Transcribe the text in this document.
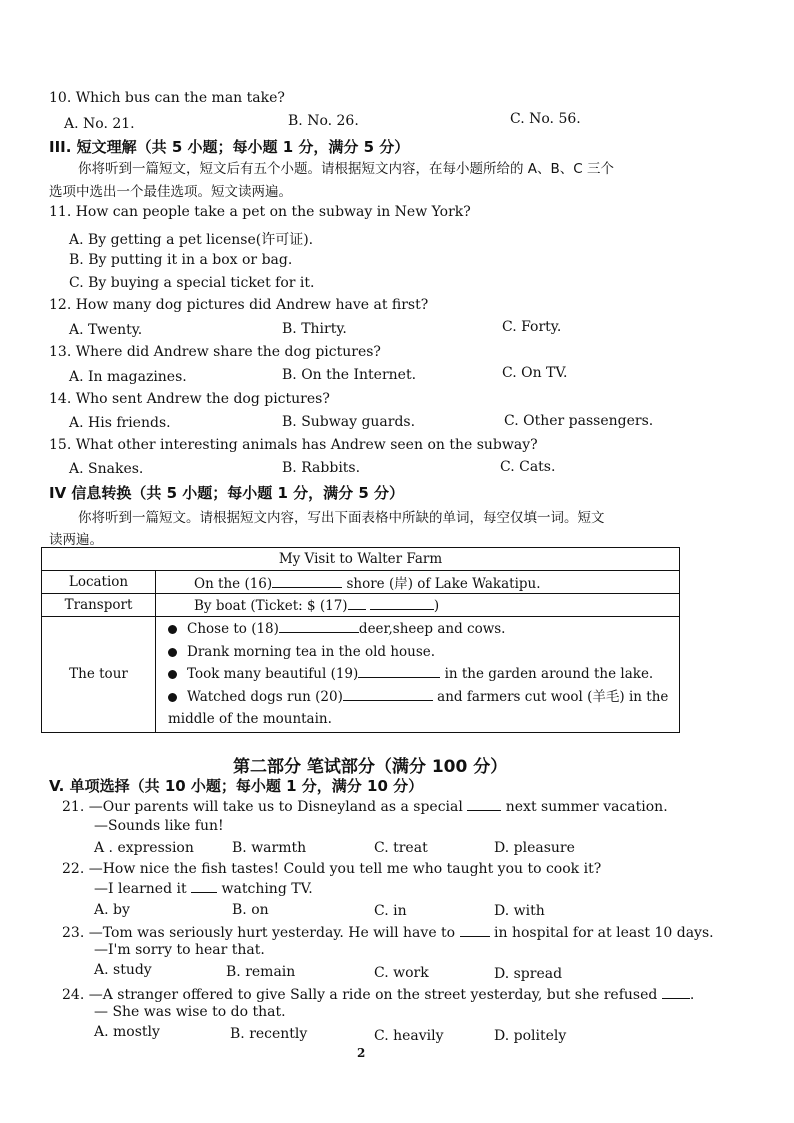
10. Which bus can the man take?
A. No. 21.	B. No. 26.	C. No. 56.
III. 短文理解（共 5 小题；每小题 1 分，满分 5 分）
你将听到一篇短文，短文后有五个小题。请根据短文内容，在每小题所给的 A、B、C 三个
选项中选出一个最佳选项。短文读两遍。
11. How can people take a pet on the subway in New York?
A. By getting a pet license(许可证).
B. By putting it in a box or bag.
C. By buying a special ticket for it.
12. How many dog pictures did Andrew have at first?
A. Twenty.	B. Thirty.	C. Forty.
13. Where did Andrew share the dog pictures?
A. In magazines.	B. On the Internet.	C. On TV.
14. Who sent Andrew the dog pictures?
A. His friends.	B. Subway guards.	C. Other passengers.
15. What other interesting animals has Andrew seen on the subway?
A. Snakes.	B. Rabbits.	C. Cats.
IV 信息转换（共 5 小题；每小题 1 分，满分 5 分）
你将听到一篇短文。请根据短文内容，写出下面表格中所缺的单词，每空仅填一词。短文
读两遍。
My Visit to Walter Farm	
Location	On the (16) shore (岸) of Lake Wakatipu.
Transport	By boat (Ticket: $ (17) )
The tour	Chose to (18) deer,sheep and cows.
Drank morning tea in the old house.
Took many beautiful (19) in the garden around the lake.
Watched dogs run (20) and farmers cut wool (羊毛) in the
middle of the mountain.
第二部分 笔试部分（满分 100 分）
V. 单项选择（共 10 小题；每小题 1 分，满分 10 分）
21. —Our parents will take us to Disneyland as a special	next summer vacation.
—Sounds like fun!
A . expression	B. warmth	C. treat	D. pleasure
22. —How nice the fish tastes! Could you tell me who taught you to cook it?
—I learned it watching TV.
A. by	B. on	C. in	D. with
23. —Tom was seriously hurt yesterday. He will have to	in hospital for at least 10 days.
—I'm sorry to hear that.
A. study	B. remain	C. work	D. spread
24. —A stranger offered to give Sally a ride on the street yesterday, but she refused .
— She was wise to do that.
A. mostly	B. recently	C. heavily	D. politely
2
